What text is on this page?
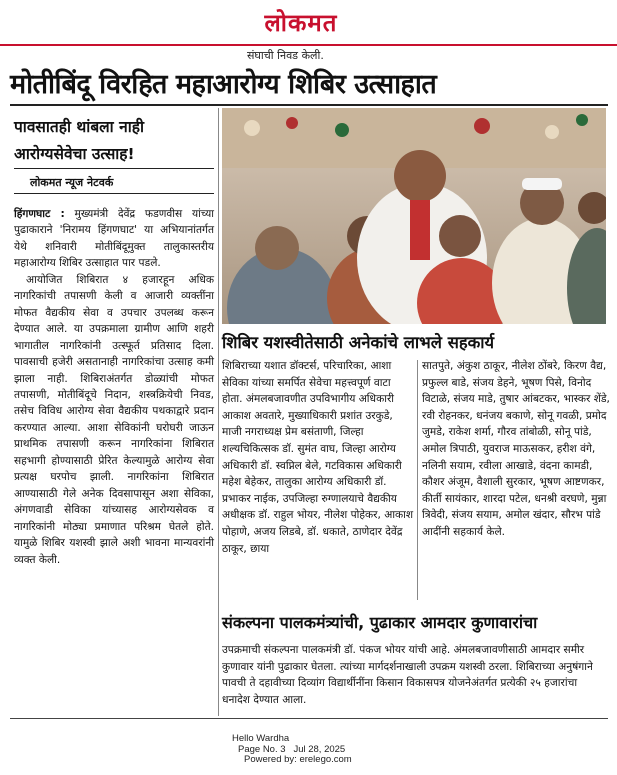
लोकमत
संघाची निवड केली.
मोतीबिंदू विरहित महाआरोग्य शिबिर उत्साहात
पावसातही थांबला नाही
आरोग्यसेवेचा उत्साह!
लोकमत न्यूज नेटवर्क

हिंगणघाट : मुख्यमंत्री देवेंद्र फडणवीस यांच्या पुढाकाराने 'निरामय हिंगणघाट' या अभियानांतर्गत येथे शनिवारी मोतीबिंदूमुक्त तालुकास्तरीय महाआरोग्य शिबिर उत्साहात पार पडले.

आयोजित शिबिरात ४ हजारहून अधिक नागरिकांची तपासणी केली व आजारी व्यक्तींना मोफत वैद्यकीय सेवा व उपचार उपलब्ध करून देण्यात आले. या उपक्रमाला ग्रामीण आणि शहरी भागातील नागरिकांनी उत्स्फूर्त प्रतिसाद दिला. पावसाची हजेरी असतानाही नागरिकांचा उत्साह कमी झाला नाही. शिबिराअंतर्गत डोळ्यांची मोफत तपासणी, मोतीबिंदूचे निदान, शस्त्रक्रियेची निवड, तसेच विविध आरोग्य सेवा वैद्यकीय पथकाद्वारे प्रदान करण्यात आल्या. आशा सेविकांनी घरोघरी जाऊन प्राथमिक तपासणी करून नागरिकांना शिबिरात सहभागी होण्यासाठी प्रेरित केल्यामुळे आरोग्य सेवा प्रत्यक्ष घरपोच झाली. नागरिकांना शिबिरात आण्यासाठी गेले अनेक दिवसापासून अशा सेविका, अंगणवाडी सेविका यांच्यासह आरोग्यसेवक व नागरिकांनी मोठ्या प्रमाणात परिश्रम घेतले होते. यामुळे शिबिर यशस्वी झाले अशी भावना मान्यवरांनी व्यक्त केली.

शिबिर यशस्वीतेसाठी अनेकांचे लाभले सहकार्य
शिबिराच्या यशात डॉक्टर्स, परिचारिका, आशा सेविका यांच्या समर्पित सेवेचा महत्त्वपूर्ण वाटा होता. अंमलबजावणीत उपविभागीय अधिकारी आकाश अवतारे, मुख्याधिकारी प्रशांत उरकुडे, माजी नगराध्यक्ष प्रेम बसंताणी, जिल्हा शल्यचिकित्सक डॉ. सुमंत वाघ, जिल्हा आरोग्य अधिकारी डॉ. स्वप्निल बेले, गटविकास अधिकारी महेश बेहेकर, तालुका आरोग्य अधिकारी डॉ. प्रभाकर नाईक, उपजिल्हा रुग्णालयाचे वैद्यकीय अधीक्षक डॉ. राहुल भोयर, नीलेश पोहेकर, आकाश पोहाणे, अजय लिडबे, डॉ. धकाते, ठाणेदार देवेंद्र ठाकूर, छाया
सातपुते, अंकुश ठाकूर, नीलेश ठोंबरे, किरण वैद्य, प्रफुल्ल बाडे, संजय डेहने, भूषण पिसे, विनोद विटाळे, संजय माडे, तुषार आंबटकर, भास्कर शेंडे, रवी रोहनकर, धनंजय बकाणे, सोनू गवळी, प्रमोद जुमडे, राकेश शर्मा, गौरव तांबोळी, सोनू पांडे, अमोल त्रिपाठी, युवराज माऊसकर, हरीश वंगे, नलिनी सयाम, रवीला आखाडे, वंदना कामडी, कौशर अंजूम, वैशाली सुरकार, भूषण आष्टणकर, कीर्ती सायंकार, शारदा पटेल, धनश्री वरघणे, मुन्ना त्रिवेदी, संजय सयाम, अमोल खंदार, सौरभ पांडे आदींनी सहकार्य केले.
संकल्पना पालकमंत्र्यांची, पुढाकार आमदार कुणावारांचा
उपक्रमाची संकल्पना पालकमंत्री डॉ. पंकज भोयर यांची आहे. अंमलबजावणीसाठी आमदार समीर कुणावार यांनी पुढाकार घेतला. त्यांच्या मार्गदर्शनाखाली उपक्रम यशस्वी ठरला. शिबिराच्या अनुषंगाने पावची ते दहावीच्या दिव्यांग विद्यार्थीनींना किसान विकासपत्र योजनेअंतर्गत प्रत्येकी २५ हजारांचा धनादेश देण्यात आला.
Hello Wardha
Page No. 3   Jul 28, 2025
Powered by: erelego.com
